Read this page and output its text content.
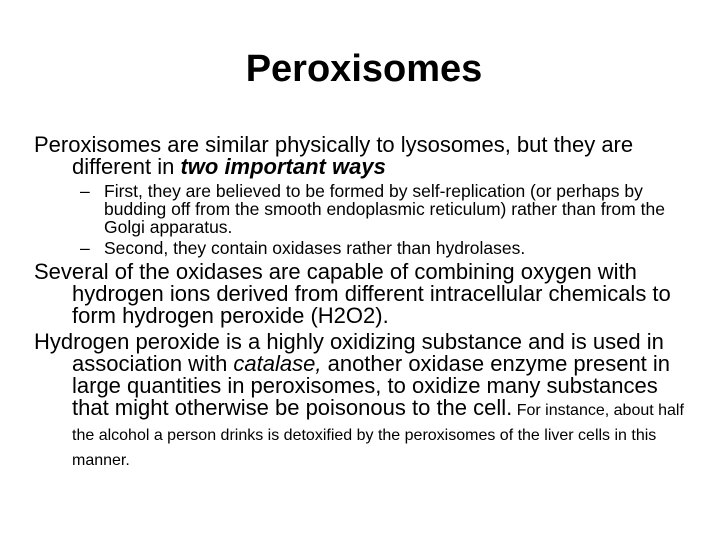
Peroxisomes

Peroxisomes are similar physically to lysosomes, but they are different in two important ways

– First, they are believed to be formed by self-replication (or perhaps by budding off from the smooth endoplasmic reticulum) rather than from the Golgi apparatus.

– Second, they contain oxidases rather than hydrolases.

Several of the oxidases are capable of combining oxygen with hydrogen ions derived from different intracellular chemicals to form hydrogen peroxide (H2O2).

Hydrogen peroxide is a highly oxidizing substance and is used in association with catalase, another oxidase enzyme present in large quantities in peroxisomes, to oxidize many substances that might otherwise be poisonous to the cell. For instance, about half the alcohol a person drinks is detoxified by the peroxisomes of the liver cells in this manner.
